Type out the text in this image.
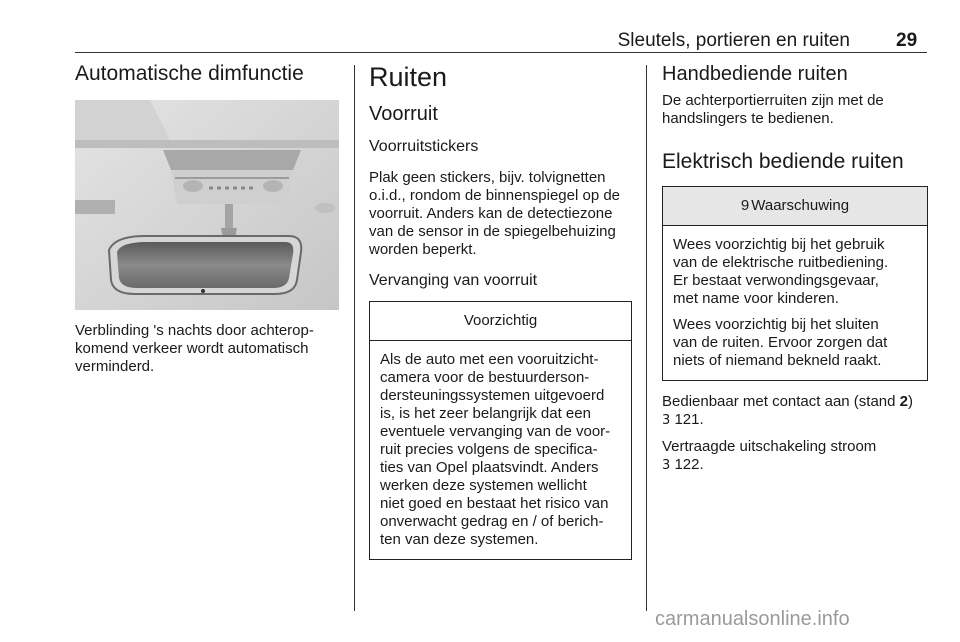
Sleutels, portieren en ruiten 29
Automatische dimfunctie

Verblinding 's nachts door achterop‑
komend verkeer wordt automatisch
verminderd.

Ruiten
Voorruit
Voorruitstickers

Plak geen stickers, bijv. tolvignetten
o.i.d., rondom de binnenspiegel op de
voorruit. Anders kan de detectiezone
van de sensor in de spiegelbehuizing
worden beperkt.

Vervanging van voorruit
Voorzichtig

Als de auto met een vooruitzicht‑
camera voor de bestuurderson‑
dersteuningssystemen uitgevoerd
is, is het zeer belangrijk dat een
eventuele vervanging van de voor‑
ruit precies volgens de specifica‑
ties van Opel plaatsvindt. Anders
werken deze systemen wellicht
niet goed en bestaat het risico van
onverwacht gedrag en / of berich‑
ten van deze systemen.

Handbediende ruiten

De achterportierruiten zijn met de
handslingers te bedienen.

Elektrisch bediende ruiten
9 Waarschuwing

Wees voorzichtig bij het gebruik
van de elektrische ruitbediening.
Er bestaat verwondingsgevaar,
met name voor kinderen.

Wees voorzichtig bij het sluiten
van de ruiten. Ervoor zorgen dat
niets of niemand bekneld raakt.

Bedienbaar met contact aan (stand 2)
3 121.

Vertraagde uitschakeling stroom
3 122.

carmanualsonline.info
